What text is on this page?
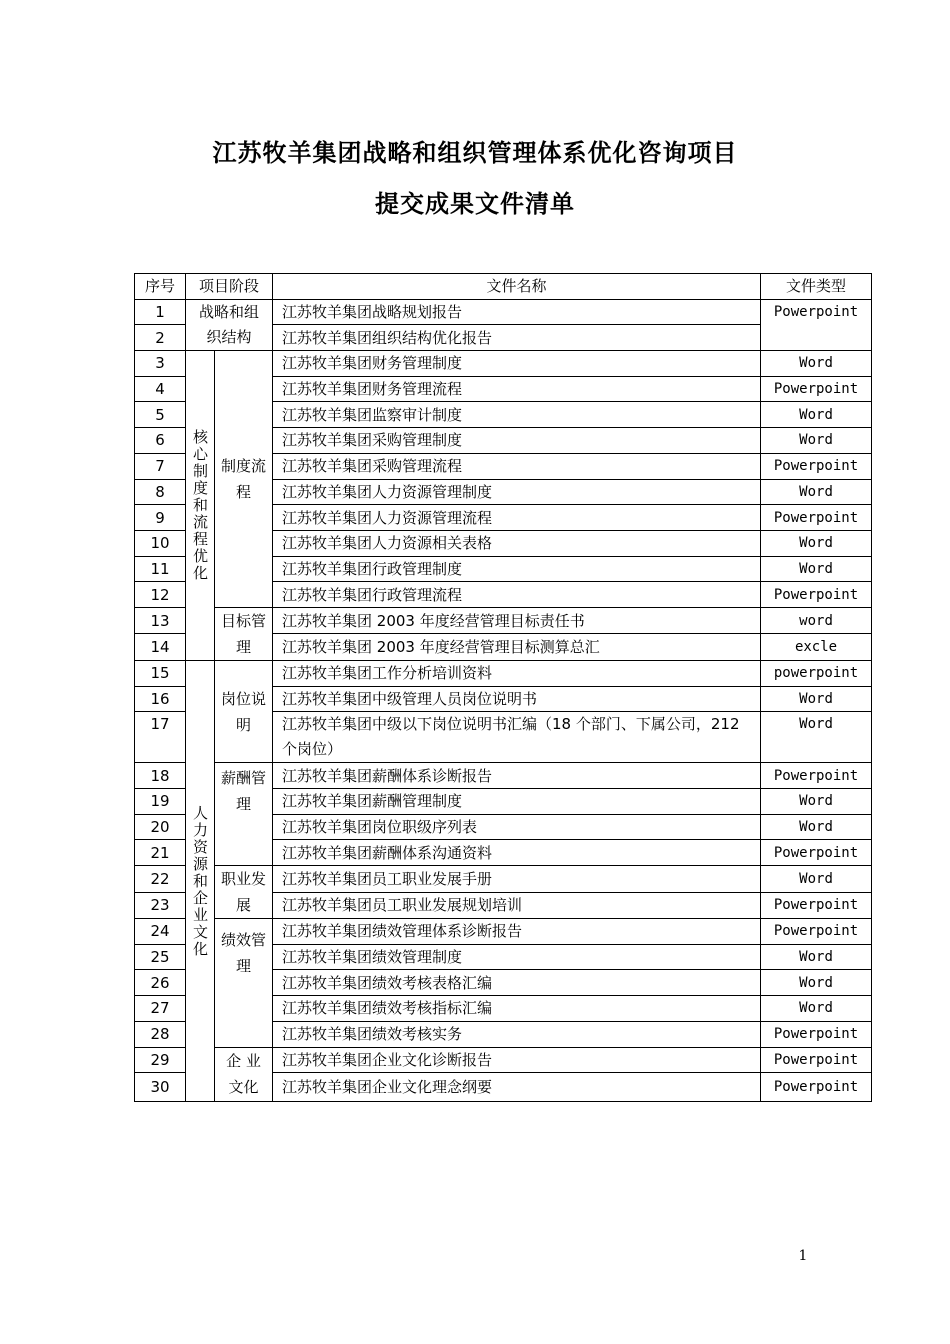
江苏牧羊集团战略和组织管理体系优化咨询项目
提交成果文件清单
序号	项目阶段		文件名称	文件类型
1	战略和组织结构		江苏牧羊集团战略规划报告	Powerpoint
2			江苏牧羊集团组织结构优化报告	
3	核心制度和流程优化	制度流程	江苏牧羊集团财务管理制度	Word
4			江苏牧羊集团财务管理流程	Powerpoint
5			江苏牧羊集团监察审计制度	Word
6			江苏牧羊集团采购管理制度	Word
7			江苏牧羊集团采购管理流程	Powerpoint
8			江苏牧羊集团人力资源管理制度	Word
9			江苏牧羊集团人力资源管理流程	Powerpoint
10			江苏牧羊集团人力资源相关表格	Word
11			江苏牧羊集团行政管理制度	Word
12			江苏牧羊集团行政管理流程	Powerpoint
13		目标管理	江苏牧羊集团 2003 年度经营管理目标责任书	word
14			江苏牧羊集团 2003 年度经营管理目标测算总汇	excle
15	人力资源和企业文化	岗位说明	江苏牧羊集团工作分析培训资料	powerpoint
16			江苏牧羊集团中级管理人员岗位说明书	Word
17			江苏牧羊集团中级以下岗位说明书汇编（18 个部门、下属公司，212 个岗位）	Word
18		薪酬管理	江苏牧羊集团薪酬体系诊断报告	Powerpoint
19			江苏牧羊集团薪酬管理制度	Word
20			江苏牧羊集团岗位职级序列表	Word
21			江苏牧羊集团薪酬体系沟通资料	Powerpoint
22		职业发展	江苏牧羊集团员工职业发展手册	Word
23			江苏牧羊集团员工职业发展规划培训	Powerpoint
24		绩效管理	江苏牧羊集团绩效管理体系诊断报告	Powerpoint
25			江苏牧羊集团绩效管理制度	Word
26			江苏牧羊集团绩效考核表格汇编	Word
27			江苏牧羊集团绩效考核指标汇编	Word
28			江苏牧羊集团绩效考核实务	Powerpoint
29		企 业文化	江苏牧羊集团企业文化诊断报告	Powerpoint
30			江苏牧羊集团企业文化理念纲要	Powerpoint
1
